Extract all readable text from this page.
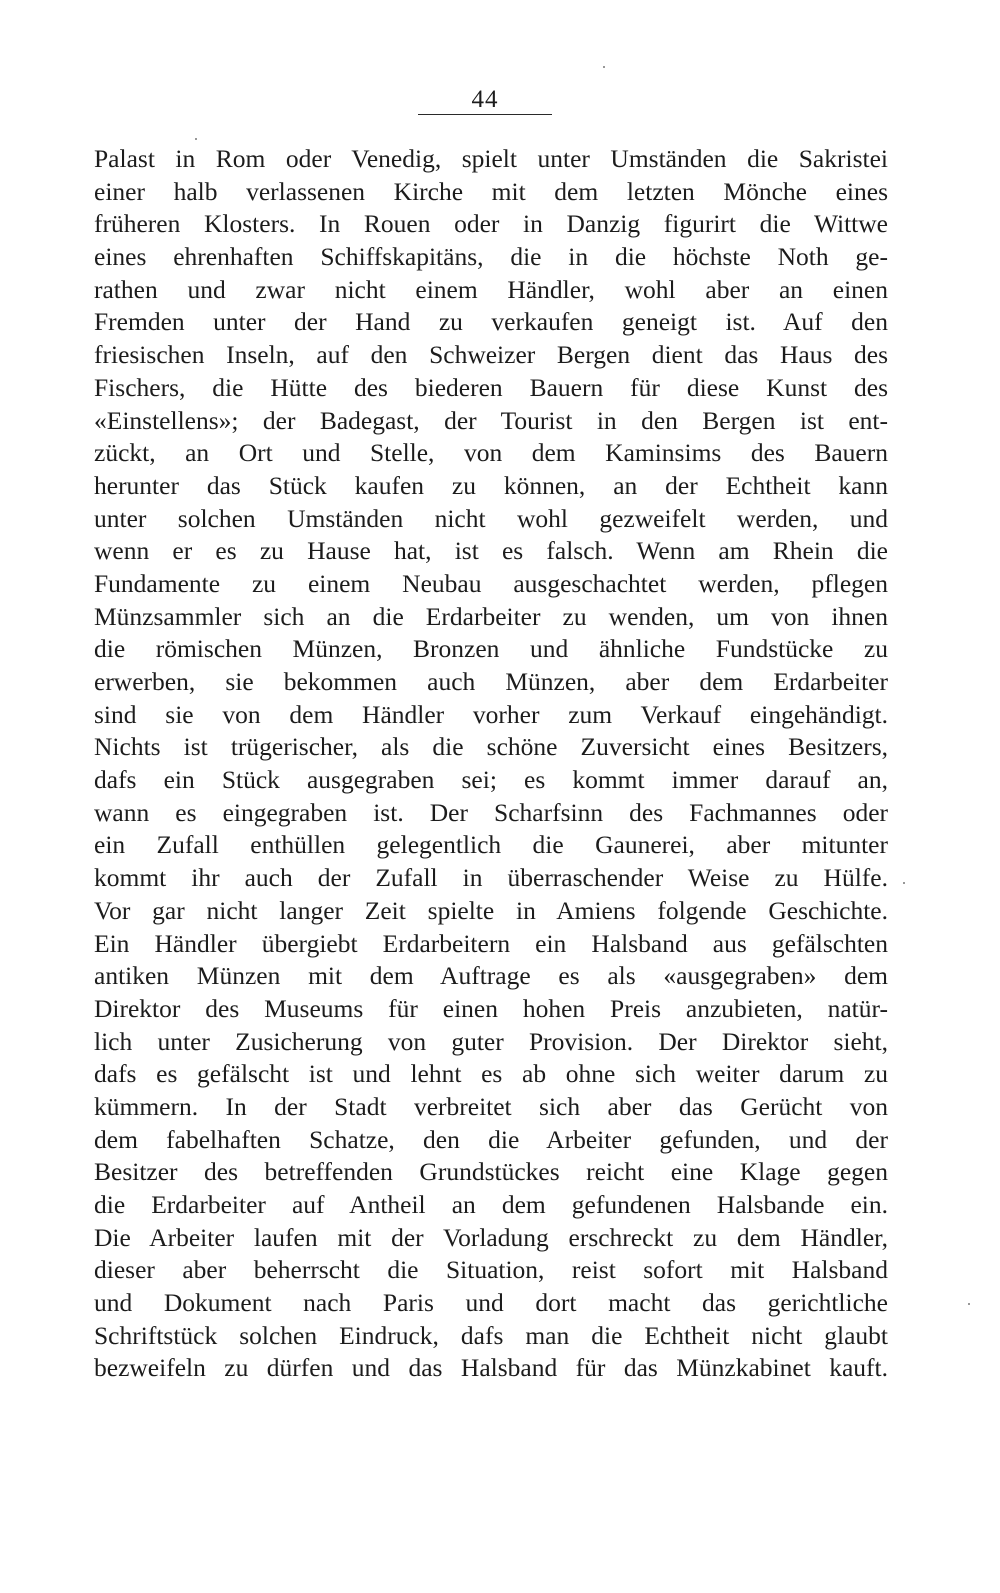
44
Palast in Rom oder Venedig, spielt unter Umständen die Sakristei
einer halb verlassenen Kirche mit dem letzten Mönche eines
früheren Klosters. In Rouen oder in Danzig figurirt die Wittwe
eines ehrenhaften Schiffskapitäns, die in die höchste Noth ge-
rathen und zwar nicht einem Händler, wohl aber an einen
Fremden unter der Hand zu verkaufen geneigt ist. Auf den
friesischen Inseln, auf den Schweizer Bergen dient das Haus des
Fischers, die Hütte des biederen Bauern für diese Kunst des
«Einstellens»; der Badegast, der Tourist in den Bergen ist ent-
zückt, an Ort und Stelle, von dem Kaminsims des Bauern
herunter das Stück kaufen zu können, an der Echtheit kann
unter solchen Umständen nicht wohl gezweifelt werden, und
wenn er es zu Hause hat, ist es falsch. Wenn am Rhein die
Fundamente zu einem Neubau ausgeschachtet werden, pflegen
Münzsammler sich an die Erdarbeiter zu wenden, um von ihnen
die römischen Münzen, Bronzen und ähnliche Fundstücke zu
erwerben, sie bekommen auch Münzen, aber dem Erdarbeiter
sind sie von dem Händler vorher zum Verkauf eingehändigt.
Nichts ist trügerischer, als die schöne Zuversicht eines Besitzers,
dafs ein Stück ausgegraben sei; es kommt immer darauf an,
wann es eingegraben ist. Der Scharfsinn des Fachmannes oder
ein Zufall enthüllen gelegentlich die Gaunerei, aber mitunter
kommt ihr auch der Zufall in überraschender Weise zu Hülfe.
Vor gar nicht langer Zeit spielte in Amiens folgende Geschichte.
Ein Händler übergiebt Erdarbeitern ein Halsband aus gefälschten
antiken Münzen mit dem Auftrage es als «ausgegraben» dem
Direktor des Museums für einen hohen Preis anzubieten, natür-
lich unter Zusicherung von guter Provision. Der Direktor sieht,
dafs es gefälscht ist und lehnt es ab ohne sich weiter darum zu
kümmern. In der Stadt verbreitet sich aber das Gerücht von
dem fabelhaften Schatze, den die Arbeiter gefunden, und der
Besitzer des betreffenden Grundstückes reicht eine Klage gegen
die Erdarbeiter auf Antheil an dem gefundenen Halsbande ein.
Die Arbeiter laufen mit der Vorladung erschreckt zu dem Händler,
dieser aber beherrscht die Situation, reist sofort mit Halsband
und Dokument nach Paris und dort macht das gerichtliche
Schriftstück solchen Eindruck, dafs man die Echtheit nicht glaubt
bezweifeln zu dürfen und das Halsband für das Münzkabinet kauft.
